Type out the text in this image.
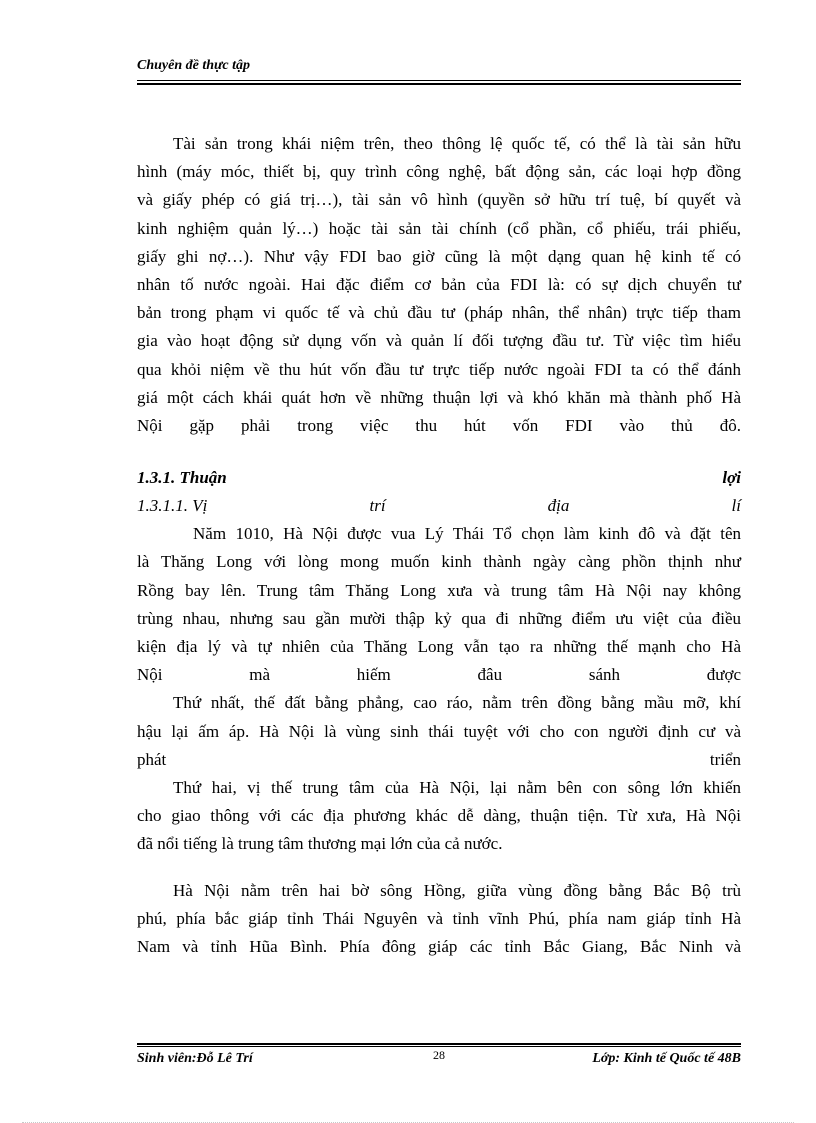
Chuyên đề thực tập

Tài sản trong khái niệm trên, theo thông lệ quốc tế, có thể là tài sản hữu

hình (máy móc, thiết bị, quy trình công nghệ, bất động sản, các loại hợp đồng

và giấy phép có giá trị…), tài sản vô hình (quyền sở hữu trí tuệ, bí quyết và

kinh nghiệm quản lý…) hoặc tài sản tài chính (cổ phần, cổ phiếu, trái phiếu,

giấy ghi nợ…). Như vậy FDI bao giờ cũng là một dạng quan hệ kinh tế có

nhân tố nước ngoài. Hai đặc điểm cơ bản của FDI là: có sự dịch chuyển tư

bản trong phạm vi quốc tế và chủ đầu tư (pháp nhân, thể nhân) trực tiếp tham

gia vào hoạt động sử dụng vốn và quản lí đối tượng đầu tư. Từ việc tìm hiểu

qua khỏi niệm về thu hút vốn đầu tư trực tiếp nước ngoài FDI ta có thể đánh

giá một cách khái quát hơn về những thuận lợi và khó khăn mà thành phố Hà

Nội gặp phải trong việc thu hút vốn FDI vào thủ đô.

1.3.1. Thuận	lợi
1.3.1.1. Vị	trí	địa	lí

Năm 1010, Hà Nội được vua Lý Thái Tổ chọn làm kinh đô và đặt tên

là Thăng Long với lòng mong muốn kinh thành ngày càng phồn thịnh như

Rồng bay lên. Trung tâm Thăng Long xưa và trung tâm Hà Nội nay không

trùng nhau, nhưng sau gần mười thập kỷ qua đi những điểm ưu việt của điều

kiện địa lý và tự nhiên của Thăng Long vẫn tạo ra những thế mạnh cho Hà

Nội mà hiếm đâu sánh được

Thứ nhất, thế đất bằng phẳng, cao ráo, nằm trên đồng bằng mầu mỡ, khí

hậu lại ấm áp. Hà Nội là vùng sinh thái tuyệt với cho con người định cư và

phát triển

Thứ hai, vị thế trung tâm của Hà Nội, lại nằm bên con sông lớn khiến

cho giao thông với các địa phương khác dễ dàng, thuận tiện. Từ xưa, Hà Nội

đã nổi tiếng là trung tâm thương mại lớn của cả nước.

Hà Nội nằm trên hai bờ sông Hồng, giữa vùng đồng bằng Bắc Bộ trù

phú, phía bắc giáp tỉnh Thái Nguyên và tỉnh vĩnh Phú, phía nam giáp tỉnh Hà

Nam và tỉnh Hũa Bình. Phía đông giáp các tỉnh Bắc Giang, Bắc Ninh và

Sinh viên:Đỗ Lê Trí	28	Lớp: Kinh tế Quốc tế 48B
